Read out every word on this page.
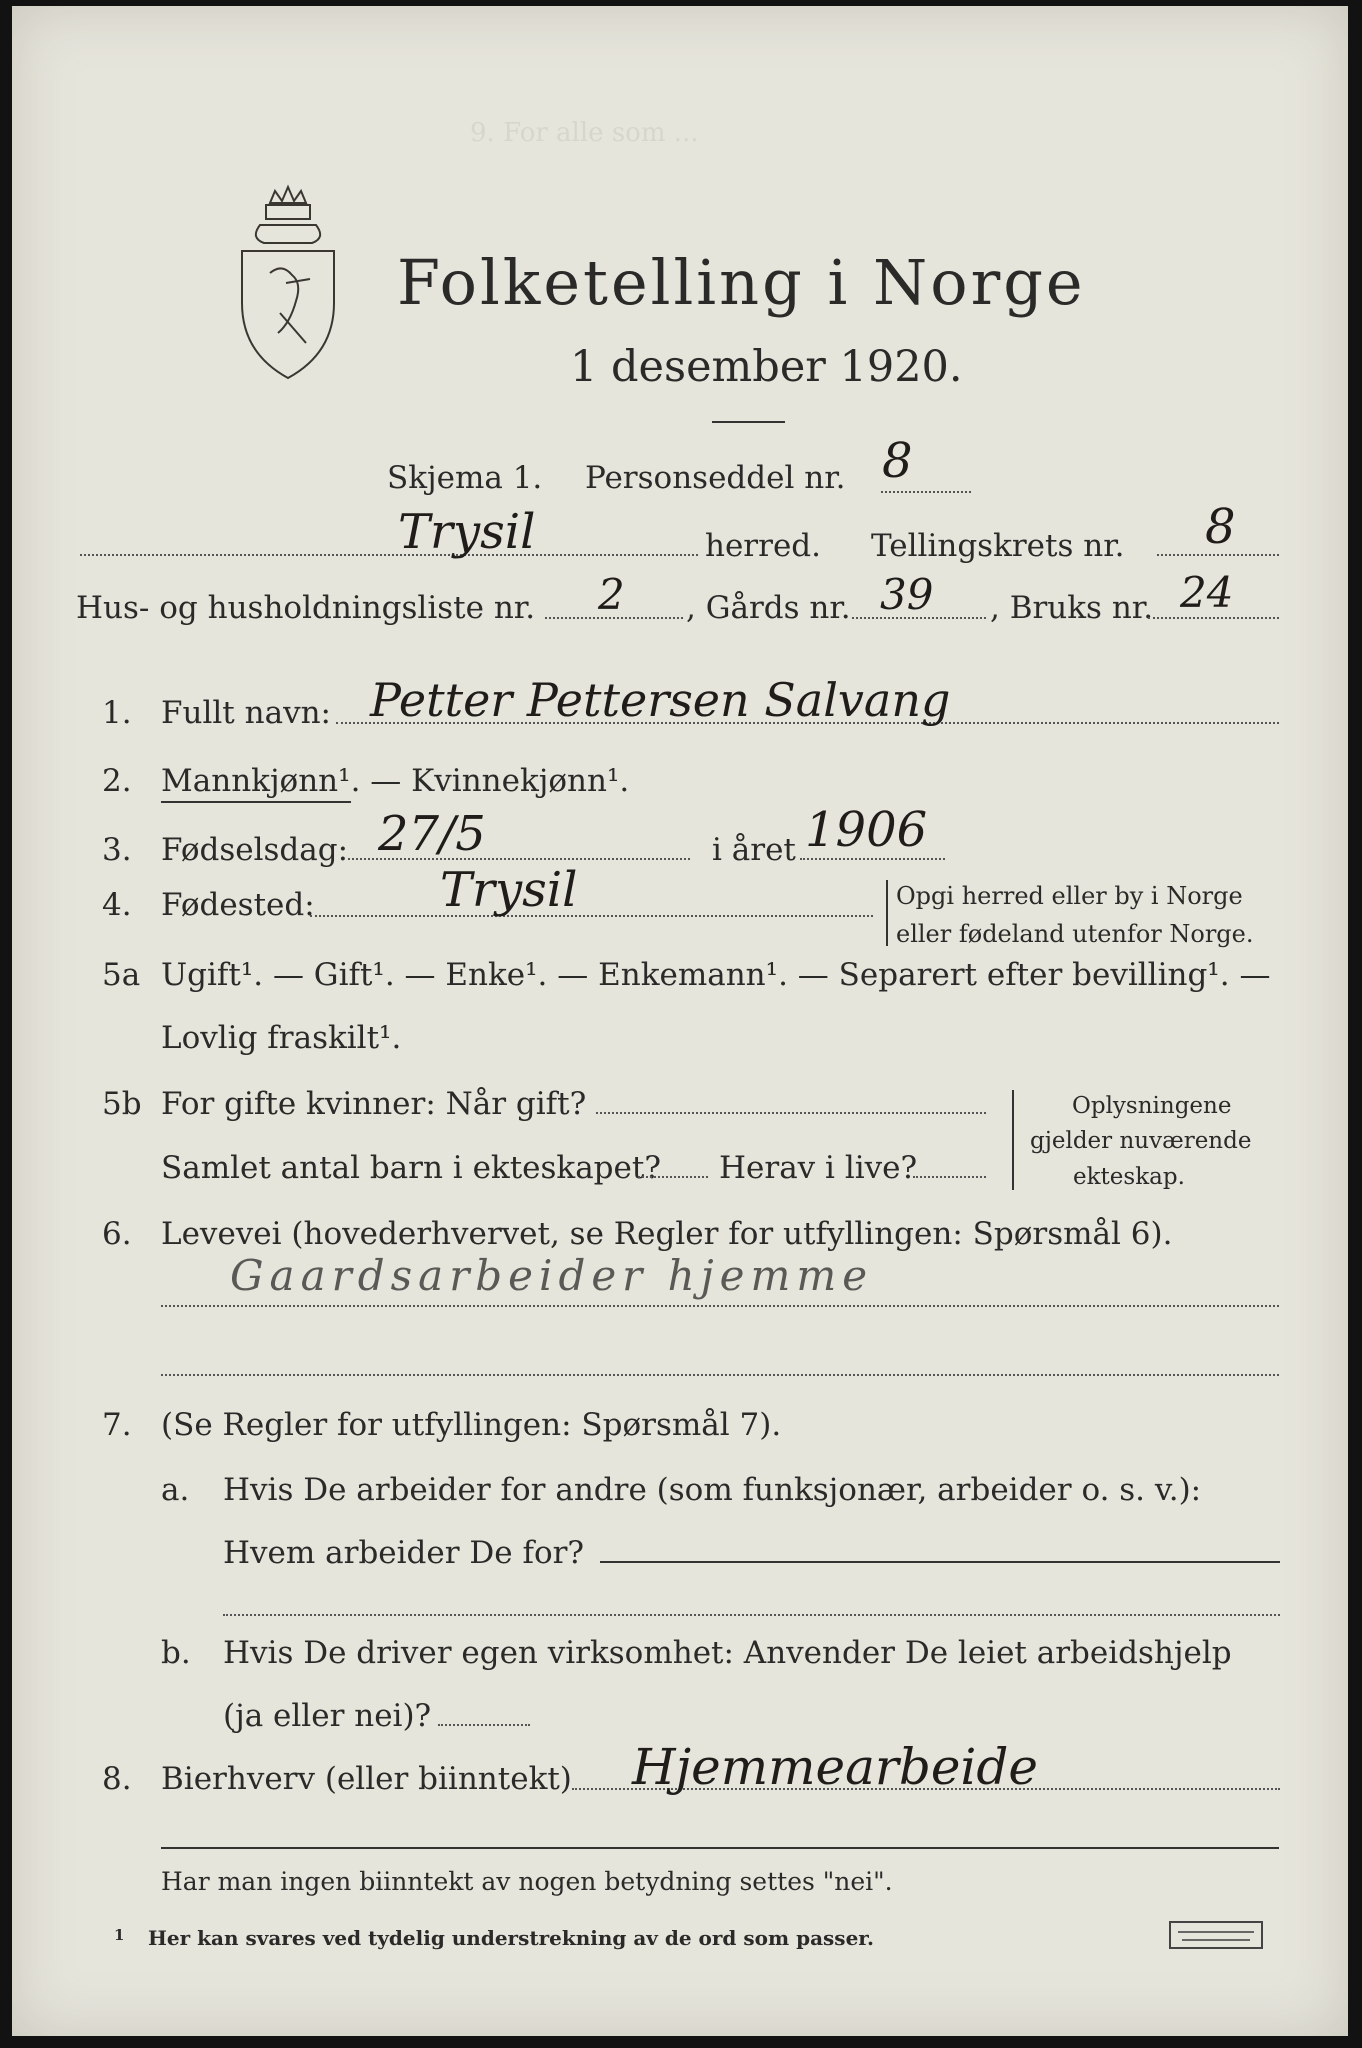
9. For alle som ...
Folketelling i Norge
1 desember 1920.
Skjema 1. Personseddel nr. 8
Trysil	herred. Tellingskrets nr. 8
Hus- og husholdningsliste nr. 2 , Gårds nr. 39 , Bruks nr. 24
1. Fullt navn: Petter Pettersen Salvang
2. Mannkjønn¹. — Kvinnekjønn¹.
3. Fødselsdag: 27/5	i året 1906
4. Fødested:	Trysil	Opgi herred eller by i Norge
eller fødeland utenfor Norge.
5a Ugift¹. — Gift¹. — Enke¹. — Enkemann¹. — Separert efter bevilling¹. —
Lovlig fraskilt¹.
5b For gifte kvinner: Når gift?
Samlet antal barn i ekteskapet? Herav i live?
Oplysningene
gjelder nuværende
ekteskap.
6. Levevei (hovederhvervet, se Regler for utfyllingen: Spørsmål 6).
Gaardsarbeider hjemme
7. (Se Regler for utfyllingen: Spørsmål 7).
a. Hvis De arbeider for andre (som funksjonær, arbeider o. s. v.):
Hvem arbeider De for?
b. Hvis De driver egen virksomhet: Anvender De leiet arbeidshjelp
(ja eller nei)?
8. Bierhverv (eller biinntekt) Hjemmearbeide
Har man ingen biinntekt av nogen betydning settes "nei".
1 Her kan svares ved tydelig understrekning av de ord som passer.
